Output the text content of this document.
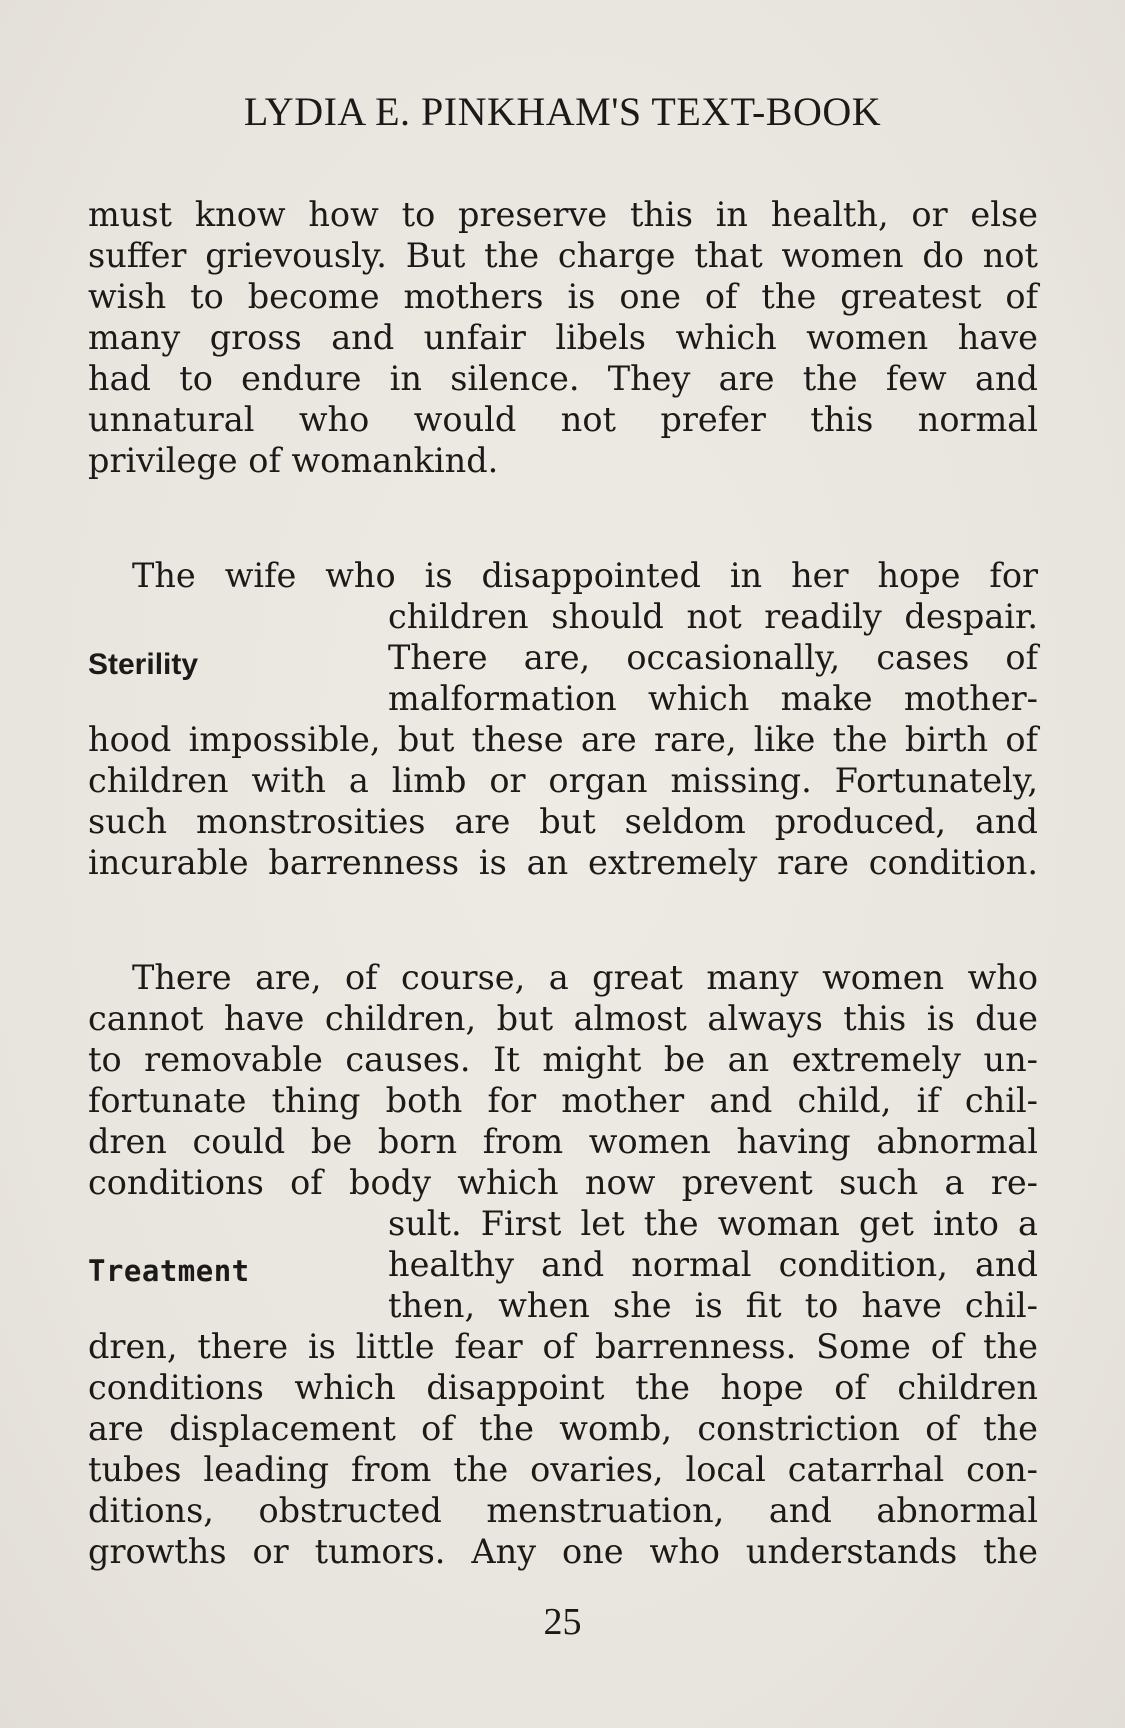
LYDIA E. PINKHAM'S TEXT-BOOK
must know how to preserve this in health, or else
suffer grievously. But the charge that women do not
wish to become mothers is one of the greatest of
many gross and unfair libels which women have
had to endure in silence. They are the few and
unnatural who would not prefer this normal
privilege of womankind.
Sterility
The wife who is disappointed in her hope for
children should not readily despair.
There are, occasionally, cases of
malformation which make mother-
hood impossible, but these are rare, like the birth of
children with a limb or organ missing. Fortunately,
such monstrosities are but seldom produced, and
incurable barrenness is an extremely rare condition.
Treatment
There are, of course, a great many women who
cannot have children, but almost always this is due
to removable causes. It might be an extremely un-
fortunate thing both for mother and child, if chil-
dren could be born from women having abnormal
conditions of body which now prevent such a re-
sult. First let the woman get into a
healthy and normal condition, and
then, when she is fit to have chil-
dren, there is little fear of barrenness. Some of the
conditions which disappoint the hope of children
are displacement of the womb, constriction of the
tubes leading from the ovaries, local catarrhal con-
ditions, obstructed menstruation, and abnormal
growths or tumors. Any one who understands the
25
